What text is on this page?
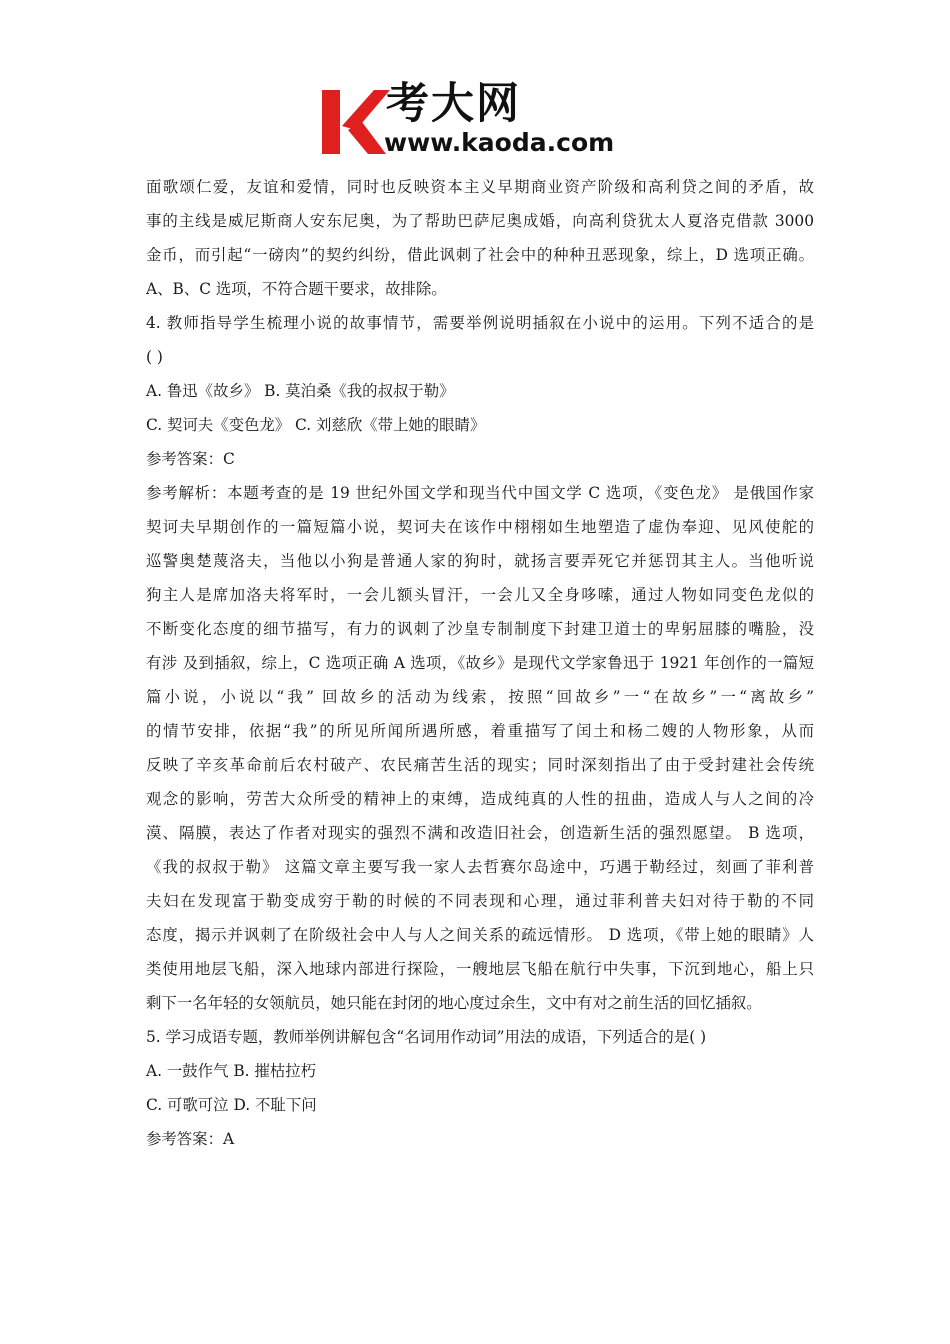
考大网
www.kaoda.com
面歌颂仁爱，友谊和爱情，同时也反映资本主义早期商业资产阶级和高利贷之间的矛盾，故
事的主线是威尼斯商人安东尼奥，为了帮助巴萨尼奥成婚，向高利贷犹太人夏洛克借款 3000
金币，而引起“一磅肉”的契约纠纷，借此讽刺了社会中的种种丑恶现象，综上，D 选项正确。
A、B、C 选项，不符合题干要求，故排除。
4. 教师指导学生梳理小说的故事情节，需要举例说明插叙在小说中的运用。下列不适合的是
( )
A. 鲁迅《故乡》 B. 莫泊桑《我的叔叔于勒》
C. 契诃夫《变色龙》 C. 刘慈欣《带上她的眼睛》
参考答案：C
参考解析：本题考查的是 19 世纪外国文学和现当代中国文学 C 选项，《变色龙》 是俄国作家
契诃夫早期创作的一篇短篇小说，契诃夫在该作中栩栩如生地塑造了虚伪奉迎、见风使舵的
巡警奥楚蔑洛夫，当他以小狗是普通人家的狗时，就扬言要弄死它并惩罚其主人。当他听说
狗主人是席加洛夫将军时，一会儿额头冒汗，一会儿又全身哆嗦，通过人物如同变色龙似的
不断变化态度的细节描写，有力的讽刺了沙皇专制制度下封建卫道士的卑躬屈膝的嘴脸，没
有涉 及到插叙，综上，C 选项正确 A 选项，《故乡》是现代文学家鲁迅于 1921 年创作的一篇短
篇小说，小说以“我” 回故乡的活动为线索，按照“回故乡”一“在故乡”一“离故乡”
的情节安排，依据“我”的所见所闻所遇所感，着重描写了闰土和杨二嫂的人物形象，从而
反映了辛亥革命前后农村破产、农民痛苦生活的现实；同时深刻指出了由于受封建社会传统
观念的影响，劳苦大众所受的精神上的束缚，造成纯真的人性的扭曲，造成人与人之间的冷
漠、隔膜，表达了作者对现实的强烈不满和改造旧社会，创造新生活的强烈愿望。 B 选项，
《我的叔叔于勒》 这篇文章主要写我一家人去哲赛尔岛途中，巧遇于勒经过，刻画了菲利普
夫妇在发现富于勒变成穷于勒的时候的不同表现和心理，通过菲利普夫妇对待于勒的不同
态度，揭示并讽刺了在阶级社会中人与人之间关系的疏远情形。 D 选项，《带上她的眼睛》人
类使用地层飞船，深入地球内部进行探险，一艘地层飞船在航行中失事，下沉到地心，船上只
剩下一名年轻的女领航员，她只能在封闭的地心度过余生，文中有对之前生活的回忆插叙。
5. 学习成语专题，教师举例讲解包含“名词用作动词”用法的成语，下列适合的是( )
A. 一鼓作气 B. 摧枯拉朽
C. 可歌可泣 D. 不耻下问
参考答案：A
